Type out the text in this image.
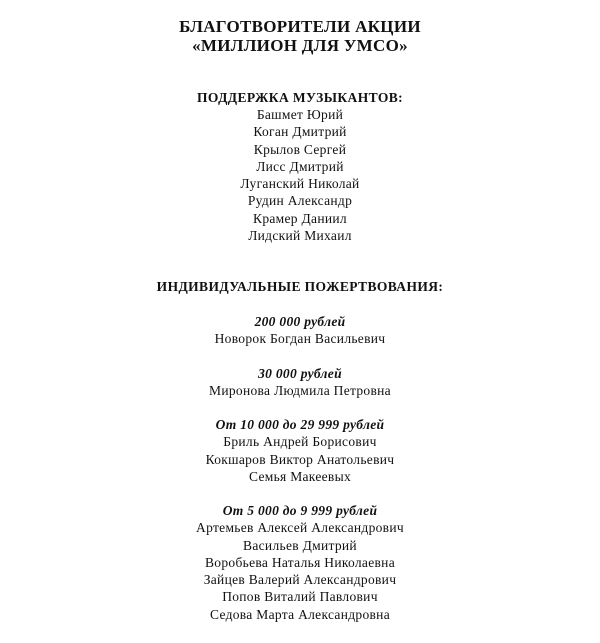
БЛАГОТВОРИТЕЛИ АКЦИИ
«МИЛЛИОН ДЛЯ УМСО»
ПОДДЕРЖКА МУЗЫКАНТОВ:
Башмет Юрий
Коган Дмитрий
Крылов Сергей
Лисс Дмитрий
Луганский Николай
Рудин Александр
Крамер Даниил
Лидский Михаил
ИНДИВИДУАЛЬНЫЕ ПОЖЕРТВОВАНИЯ:
200 000 рублей
Новорок Богдан Васильевич
30 000 рублей
Миронова Людмила Петровна
От 10 000 до 29 999 рублей
Бриль Андрей Борисович
Кокшаров Виктор Анатольевич
Семья Макеевых
От 5 000 до 9 999 рублей
Артемьев Алексей Александрович
Васильев Дмитрий
Воробьева Наталья Николаевна
Зайцев Валерий Александрович
Попов Виталий Павлович
Седова Марта Александровна
